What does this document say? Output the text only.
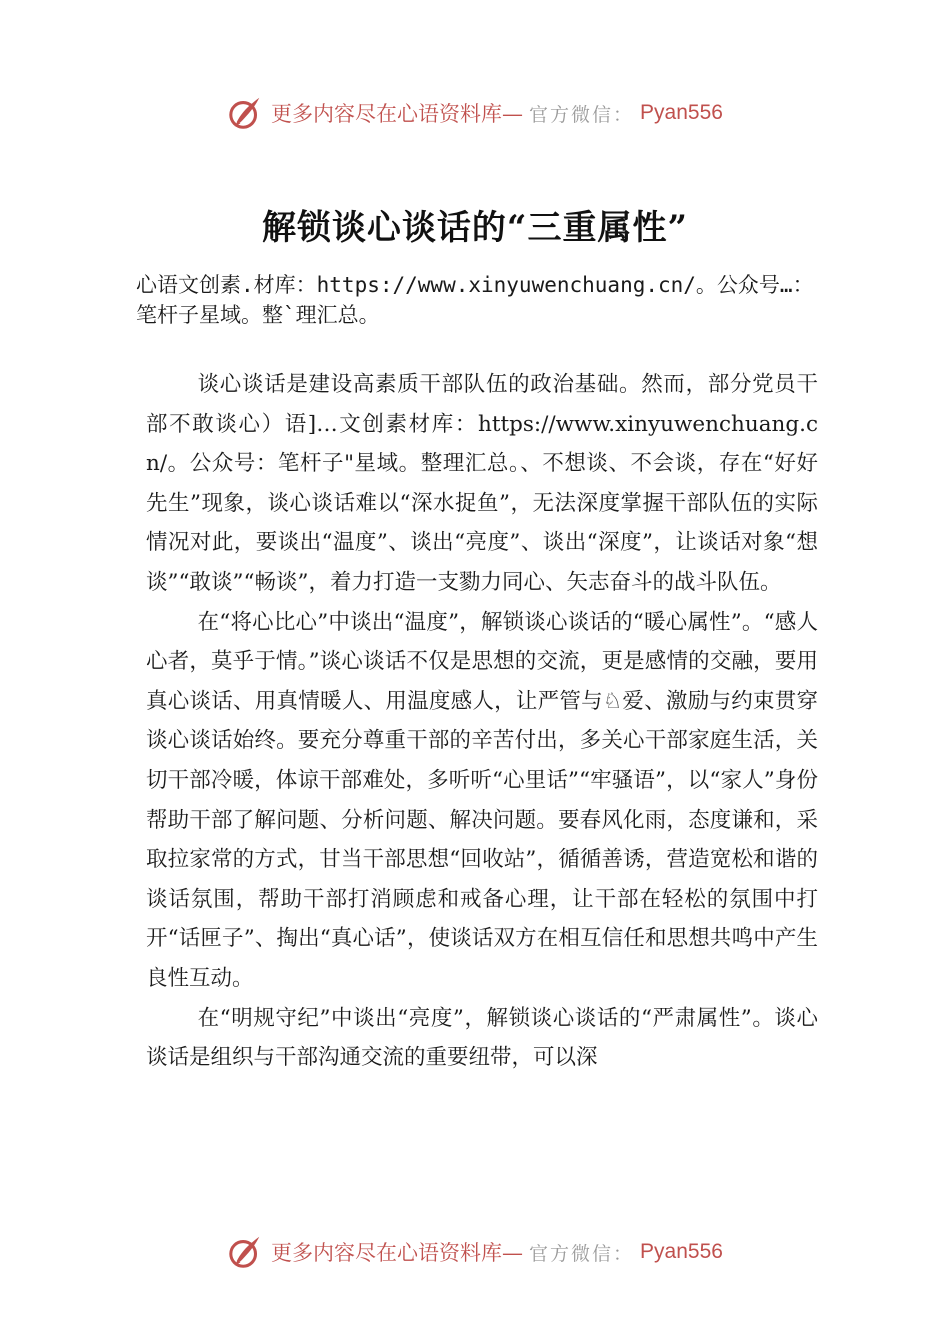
更多内容尽在心语资料库— 官方微信： Pyan556
解锁谈心谈话的“三重属性”
心语文创素.材库：https://www.xinyuwenchuang.cn/。公众号…：笔杆子星域。整`理汇总。

谈心谈话是建设高素质干部队伍的政治基础。然而，部分党员干部不敢谈心）语]…文创素材库：https://www.xinyuwenchuang.cn/。公众号：笔杆子"星域。整理汇总。、不想谈、不会谈，存在“好好先生”现象，谈心谈话难以“深水捉鱼”，无法深度掌握干部队伍的实际情况对此，要谈出“温度”、谈出“亮度”、谈出“深度”，让谈话对象“想谈”“敢谈”“畅谈”，着力打造一支勠力同心、矢志奋斗的战斗队伍。

在“将心比心”中谈出“温度”，解锁谈心谈话的“暖心属性”。“感人心者，莫乎于情。”谈心谈话不仅是思想的交流，更是感情的交融，要用真心谈话、用真情暖人、用温度感人，让严管与♘爱、激励与约束贯穿谈心谈话始终。要充分尊重干部的辛苦付出，多关心干部家庭生活，关切干部冷暖，体谅干部难处，多听听“心里话”“牢骚语”，以“家人”身份帮助干部了解问题、分析问题、解决问题。要春风化雨，态度谦和，采取拉家常的方式，甘当干部思想“回收站”，循循善诱，营造宽松和谐的谈话氛围，帮助干部打消顾虑和戒备心理，让干部在轻松的氛围中打开“话匣子”、掏出“真心话”，使谈话双方在相互信任和思想共鸣中产生良性互动。

在“明规守纪”中谈出“亮度”，解锁谈心谈话的“严肃属性”。谈心谈话是组织与干部沟通交流的重要纽带，可以深

更多内容尽在心语资料库— 官方微信： Pyan556
